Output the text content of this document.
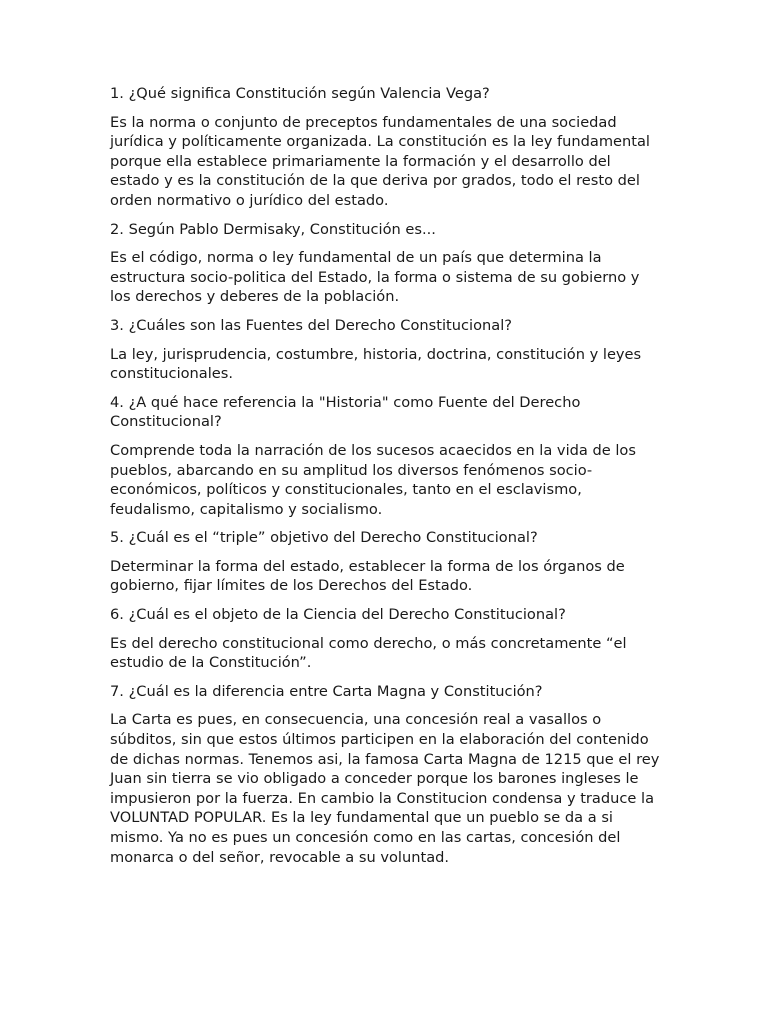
1. ¿Qué significa Constitución según Valencia Vega?

Es la norma o conjunto de preceptos fundamentales de una sociedad jurídica y políticamente organizada. La constitución es la ley fundamental porque ella establece primariamente la formación y el desarrollo del estado y es la constitución de la que deriva por grados, todo el resto del orden normativo o jurídico del estado.

2. Según Pablo Dermisaky, Constitución es...

Es el código, norma o ley fundamental de un país que determina la estructura socio-politica del Estado, la forma o sistema de su gobierno y los derechos y deberes de la población.

3. ¿Cuáles son las Fuentes del Derecho Constitucional?

La ley, jurisprudencia, costumbre, historia, doctrina, constitución y leyes constitucionales.

4. ¿A qué hace referencia la "Historia" como Fuente del Derecho Constitucional?

Comprende toda la narración de los sucesos acaecidos en la vida de los pueblos, abarcando en su amplitud los diversos fenómenos socio-económicos, políticos y constitucionales, tanto en el esclavismo, feudalismo, capitalismo y socialismo.

5. ¿Cuál es el “triple” objetivo del Derecho Constitucional?

Determinar la forma del estado, establecer la forma de los órganos de gobierno, fijar límites de los Derechos del Estado.

6. ¿Cuál es el objeto de la Ciencia del Derecho Constitucional?

Es del derecho constitucional como derecho, o más concretamente “el estudio de la Constitución”.

7. ¿Cuál es la diferencia entre Carta Magna y Constitución?

La Carta es pues, en consecuencia, una concesión real a vasallos o súbditos, sin que estos últimos participen en la elaboración del contenido de dichas normas. Tenemos asi, la famosa Carta Magna de 1215 que el rey Juan sin tierra se vio obligado a conceder porque los barones ingleses le impusieron por la fuerza. En cambio la Constitucion condensa y traduce la VOLUNTAD POPULAR. Es la ley fundamental que un pueblo se da a si mismo. Ya no es pues un concesión como en las cartas, concesión del monarca o del señor, revocable a su voluntad.
